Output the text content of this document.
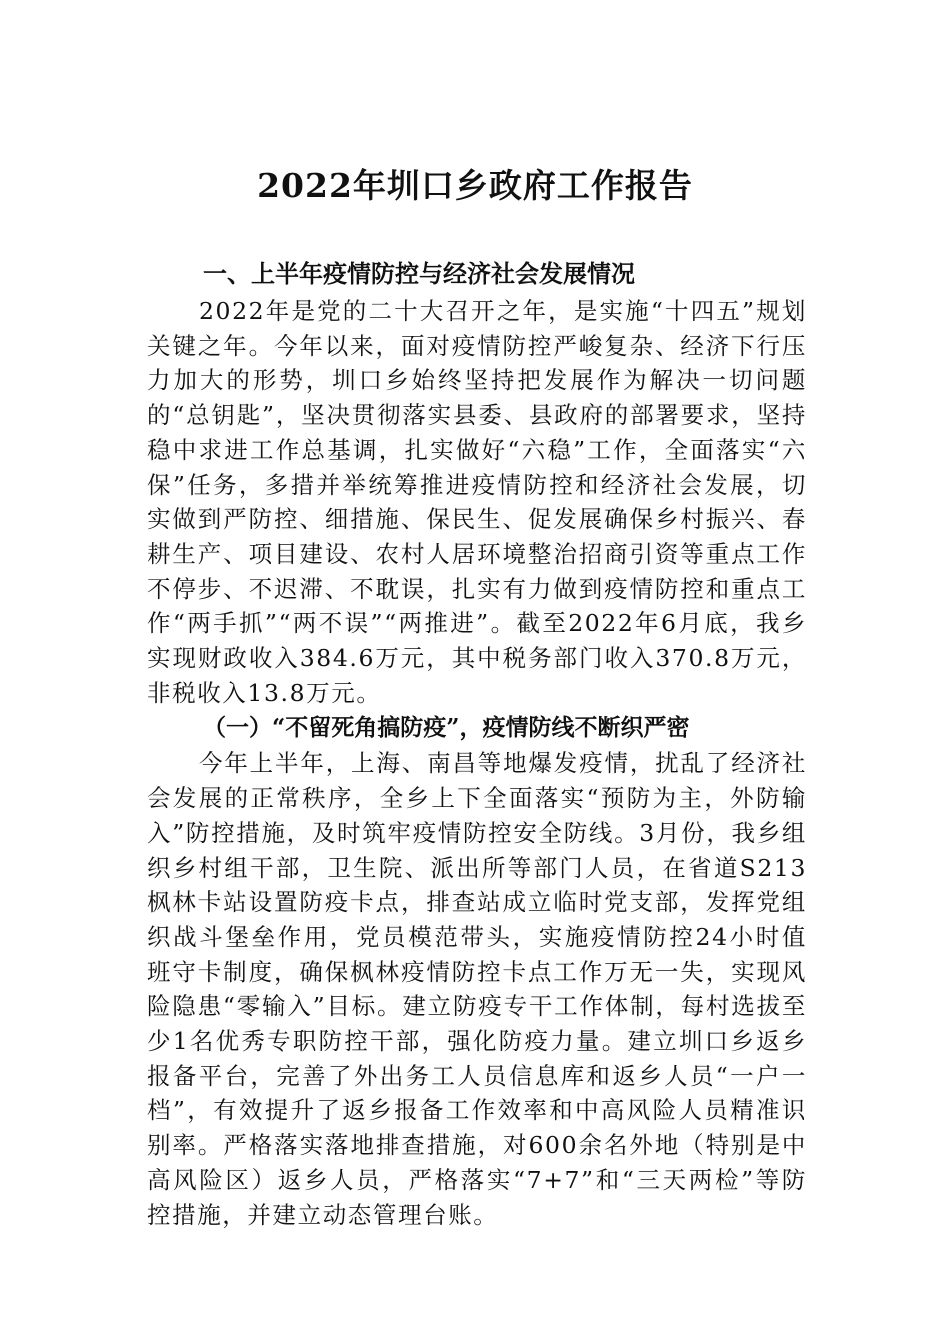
2022年圳口乡政府工作报告
一、上半年疫情防控与经济社会发展情况

2022年是党的二十大召开之年，是实施“十四五”规划关键之年。今年以来，面对疫情防控严峻复杂、经济下行压力加大的形势，圳口乡始终坚持把发展作为解决一切问题的“总钥匙”，坚决贯彻落实县委、县政府的部署要求，坚持稳中求进工作总基调，扎实做好“六稳”工作，全面落实“六保”任务，多措并举统筹推进疫情防控和经济社会发展，切实做到严防控、细措施、保民生、促发展确保乡村振兴、春耕生产、项目建设、农村人居环境整治招商引资等重点工作不停步、不迟滞、不耽误，扎实有力做到疫情防控和重点工作“两手抓”“两不误”“两推进”。截至2022年6月底，我乡实现财政收入384.6万元，其中税务部门收入370.8万元，非税收入13.8万元。

（一）“不留死角搞防疫”，疫情防线不断织严密

今年上半年，上海、南昌等地爆发疫情，扰乱了经济社会发展的正常秩序，全乡上下全面落实“预防为主，外防输入”防控措施，及时筑牢疫情防控安全防线。3月份，我乡组织乡村组干部，卫生院、派出所等部门人员，在省道S213枫林卡站设置防疫卡点，排查站成立临时党支部，发挥党组织战斗堡垒作用，党员模范带头，实施疫情防控24小时值班守卡制度，确保枫林疫情防控卡点工作万无一失，实现风险隐患“零输入”目标。建立防疫专干工作体制，每村选拔至少1名优秀专职防控干部，强化防疫力量。建立圳口乡返乡报备平台，完善了外出务工人员信息库和返乡人员“一户一档”，有效提升了返乡报备工作效率和中高风险人员精准识别率。严格落实落地排查措施，对600余名外地（特别是中高风险区）返乡人员，严格落实“7+7”和“三天两检”等防控措施，并建立动态管理台账。
